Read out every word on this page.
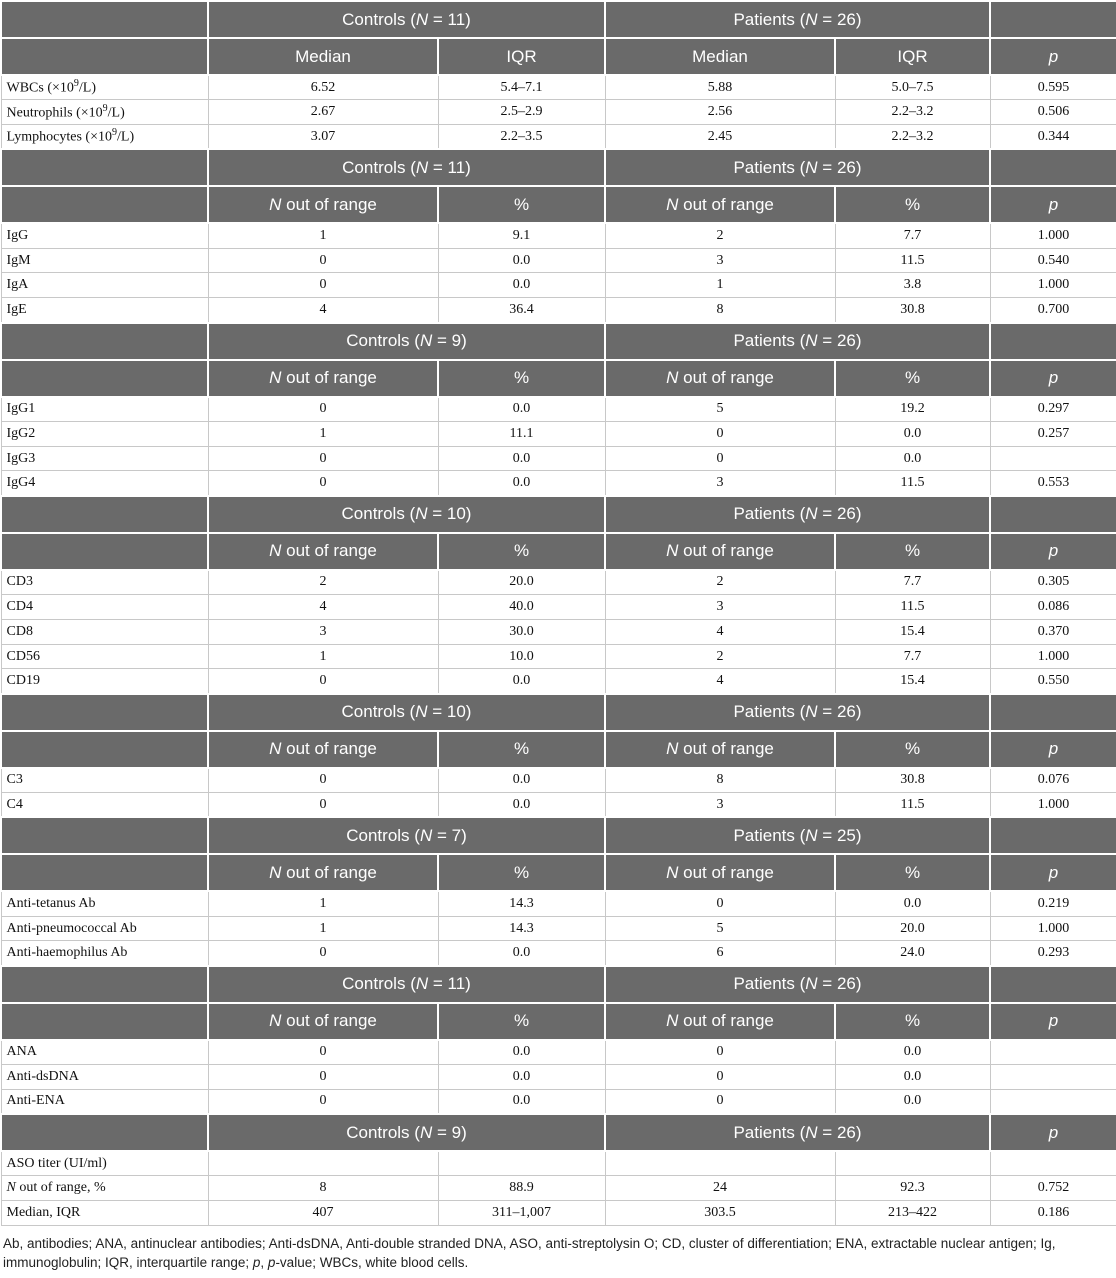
	Controls (N = 11)		Patients (N = 26)		
	Median	IQR	Median	IQR	p
WBCs $(\times 10^9/L)$	6.52	5.4–7.1	5.88	5.0–7.5	0.595
Neutrophils $(\times 10^9/L)$	2.67	2.5–2.9	2.56	2.2–3.2	0.506
Lymphocytes $(\times 10^9/L)$	3.07	2.2–3.5	2.45	2.2–3.2	0.344
	Controls (N = 11)		Patients (N = 26)		
	N out of range	%	N out of range	%	p
IgG	1	9.1	2	7.7	1.000
IgM	0	0.0	3	11.5	0.540
IgA	0	0.0	1	3.8	1.000
IgE	4	36.4	8	30.8	0.700
	Controls (N = 9)		Patients (N = 26)		
	N out of range	%	N out of range	%	p
IgG1	0	0.0	5	19.2	0.297
IgG2	1	11.1	0	0.0	0.257
IgG3	0	0.0	0	0.0	
IgG4	0	0.0	3	11.5	0.553
	Controls (N = 10)		Patients (N = 26)		
	N out of range	%	N out of range	%	p
CD3	2	20.0	2	7.7	0.305
CD4	4	40.0	3	11.5	0.086
CD8	3	30.0	4	15.4	0.370
CD56	1	10.0	2	7.7	1.000
CD19	0	0.0	4	15.4	0.550
	Controls (N = 10)		Patients (N = 26)		
	N out of range	%	N out of range	%	p
C3	0	0.0	8	30.8	0.076
C4	0	0.0	3	11.5	1.000
	Controls (N = 7)		Patients (N = 25)		
	N out of range	%	N out of range	%	p
Anti-tetanus Ab	1	14.3	0	0.0	0.219
Anti-pneumococcal Ab	1	14.3	5	20.0	1.000
Anti-haemophilus Ab	0	0.0	6	24.0	0.293
	Controls (N = 11)		Patients (N = 26)		
	N out of range	%	N out of range	%	p
ANA	0	0.0	0	0.0	
Anti-dsDNA	0	0.0	0	0.0	
Anti-ENA	0	0.0	0	0.0	
	Controls (N = 9)		Patients (N = 26)		p
ASO titer (UI/ml)					
N out of range, %	8	88.9	24	92.3	0.752
Median, IQR	407	311–1,007	303.5	213–422	0.186
Ab, antibodies; ANA, antinuclear antibodies; Anti-dsDNA, Anti-double stranded DNA, ASO, anti-streptolysin O; CD, cluster of differentiation; ENA, extractable nuclear antigen; Ig, immunoglobulin; IQR, interquartile range; p, p-value; WBCs, white blood cells.
